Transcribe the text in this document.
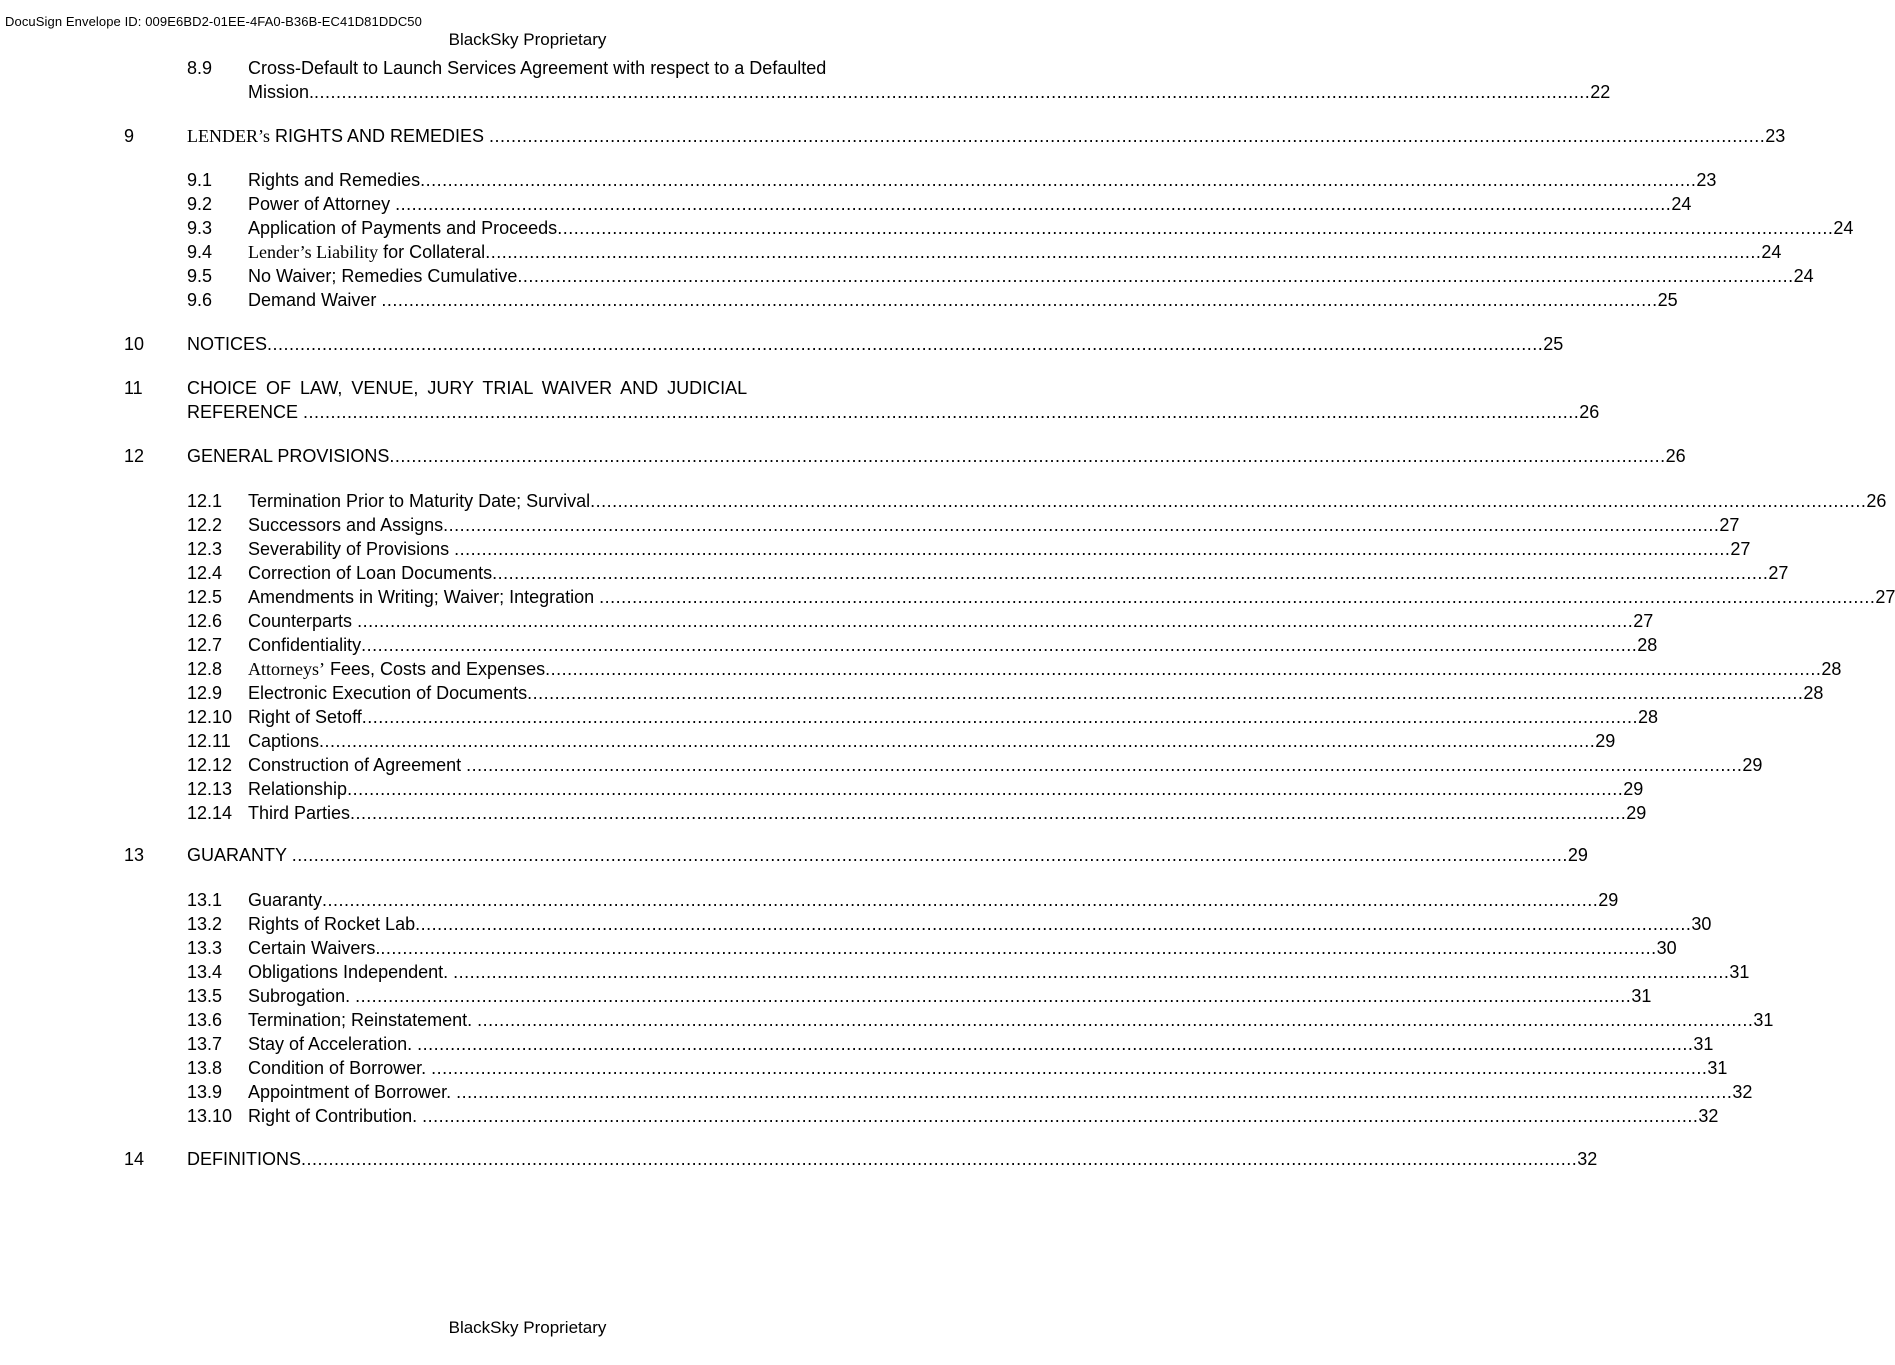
DocuSign Envelope ID: 009E6BD2-01EE-4FA0-B36B-EC41D81DDC50
BlackSky Proprietary
8.9 Cross-Default to Launch Services Agreement with respect to a Defaulted
Mission. ........................................................................................................................................................................................................................................ 22
9	LENDER’s RIGHTS AND REMEDIES ........................................................................................................................................................................................................................................ 23
9.1 Rights and Remedies ........................................................................................................................................................................................................................................ 23
9.2 Power of Attorney ........................................................................................................................................................................................................................................ 24
9.3 Application of Payments and Proceeds ........................................................................................................................................................................................................................................ 24
9.4 Lender’s Liability for Collateral ........................................................................................................................................................................................................................................ 24
9.5 No Waiver; Remedies Cumulative ........................................................................................................................................................................................................................................ 24
9.6 Demand Waiver ........................................................................................................................................................................................................................................ 25
10 NOTICES ........................................................................................................................................................................................................................................ 25
11 CHOICE OF LAW, VENUE, JURY TRIAL WAIVER AND JUDICIAL
REFERENCE ........................................................................................................................................................................................................................................ 26
12 GENERAL PROVISIONS ........................................................................................................................................................................................................................................ 26
12.1 Termination Prior to Maturity Date; Survival ........................................................................................................................................................................................................................................ 26
12.2 Successors and Assigns ........................................................................................................................................................................................................................................ 27
12.3 Severability of Provisions ........................................................................................................................................................................................................................................ 27
12.4 Correction of Loan Documents ........................................................................................................................................................................................................................................ 27
12.5 Amendments in Writing; Waiver; Integration ........................................................................................................................................................................................................................................ 27
12.6 Counterparts ........................................................................................................................................................................................................................................ 27
12.7 Confidentiality ........................................................................................................................................................................................................................................ 28
12.8 Attorneys’ Fees, Costs and Expenses ........................................................................................................................................................................................................................................ 28
12.9 Electronic Execution of Documents ........................................................................................................................................................................................................................................ 28
12.10 Right of Setoff ........................................................................................................................................................................................................................................ 28
12.11 Captions ........................................................................................................................................................................................................................................ 29
12.12 Construction of Agreement ........................................................................................................................................................................................................................................ 29
12.13 Relationship ........................................................................................................................................................................................................................................ 29
12.14 Third Parties ........................................................................................................................................................................................................................................ 29
13 GUARANTY ........................................................................................................................................................................................................................................ 29
13.1 Guaranty ........................................................................................................................................................................................................................................ 29
13.2 Rights of Rocket Lab ........................................................................................................................................................................................................................................ 30
13.3 Certain Waivers. ........................................................................................................................................................................................................................................ 30
13.4 Obligations Independent. ........................................................................................................................................................................................................................................ 31
13.5 Subrogation. ........................................................................................................................................................................................................................................ 31
13.6 Termination; Reinstatement. ........................................................................................................................................................................................................................................ 31
13.7 Stay of Acceleration. ........................................................................................................................................................................................................................................ 31
13.8 Condition of Borrower. ........................................................................................................................................................................................................................................ 31
13.9 Appointment of Borrower. ........................................................................................................................................................................................................................................ 32
13.10 Right of Contribution. ........................................................................................................................................................................................................................................ 32
14 DEFINITIONS ........................................................................................................................................................................................................................................ 32
BlackSky Proprietary
